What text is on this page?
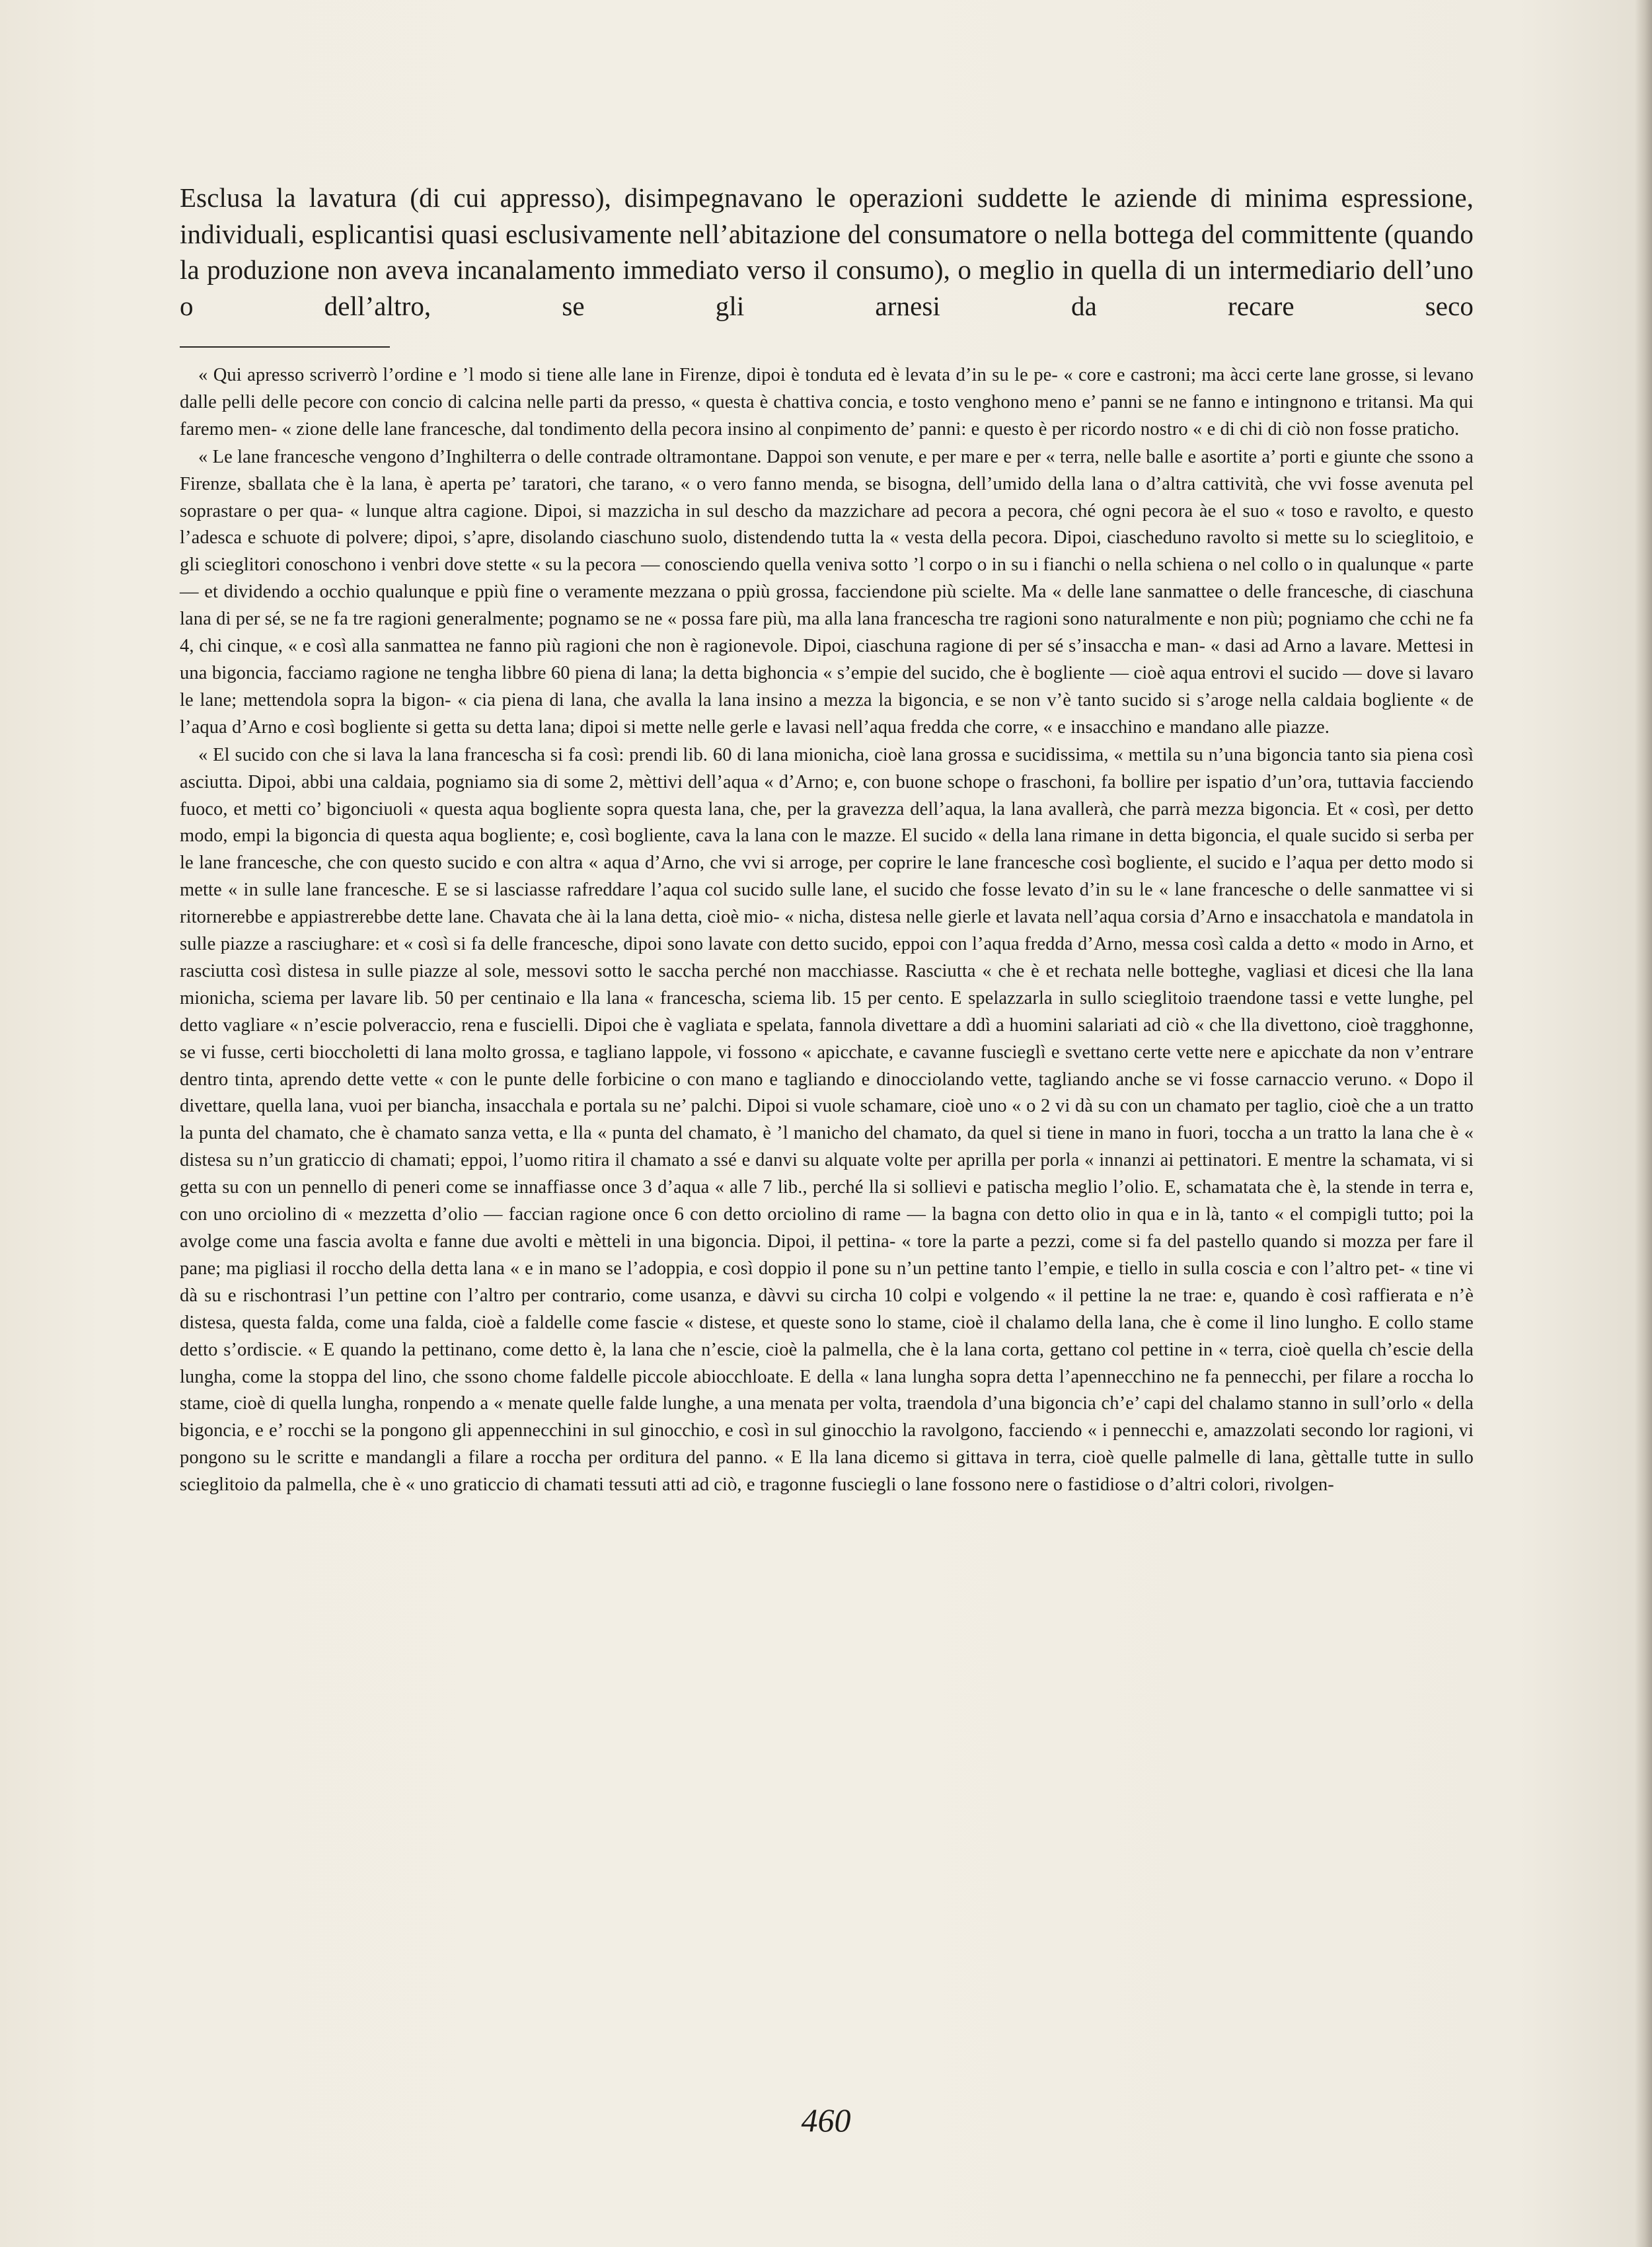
Esclusa la lavatura (di cui appresso), disimpegnavano le operazioni suddette le aziende di minima espressione, individuali, esplicantisi quasi esclusivamente nell’abitazione del consumatore o nella bottega del committente (quando la produzione non aveva incanalamento immediato verso il consumo), o meglio in quella di un intermediario dell’uno o dell’altro, se gli arnesi da recare seco

« Qui apresso scriverrò l’ordine e ’l modo si tiene alle lane in Firenze, dipoi è tonduta ed è levata d’in su le pe- « core e castroni; ma àcci certe lane grosse, si levano dalle pelli delle pecore con concio di calcina nelle parti da presso, « questa è chattiva concia, e tosto venghono meno e’ panni se ne fanno e intingnono e tritansi. Ma qui faremo men- « zione delle lane francesche, dal tondimento della pecora insino al conpimento de’ panni: e questo è per ricordo nostro « e di chi di ciò non fosse praticho.

« Le lane francesche vengono d’Inghilterra o delle contrade oltramontane. Dappoi son venute, e per mare e per « terra, nelle balle e asortite a’ porti e giunte che ssono a Firenze, sballata che è la lana, è aperta pe’ taratori, che tarano, « o vero fanno menda, se bisogna, dell’umido della lana o d’altra cattività, che vvi fosse avenuta pel soprastare o per qua- « lunque altra cagione. Dipoi, si mazzicha in sul descho da mazzichare ad pecora a pecora, ché ogni pecora àe el suo « toso e ravolto, e questo l’adesca e schuote di polvere; dipoi, s’apre, disolando ciaschuno suolo, distendendo tutta la « vesta della pecora. Dipoi, ciascheduno ravolto si mette su lo scieglitoio, e gli scieglitori conoschono i venbri dove stette « su la pecora — conosciendo quella veniva sotto ’l corpo o in su i fianchi o nella schiena o nel collo o in qualunque « parte — et dividendo a occhio qualunque e ppiù fine o veramente mezzana o ppiù grossa, facciendone più scielte. Ma « delle lane sanmattee o delle francesche, di ciaschuna lana di per sé, se ne fa tre ragioni generalmente; pognamo se ne « possa fare più, ma alla lana francescha tre ragioni sono naturalmente e non più; pogniamo che cchi ne fa 4, chi cinque, « e così alla sanmattea ne fanno più ragioni che non è ragionevole. Dipoi, ciaschuna ragione di per sé s’insaccha e man- « dasi ad Arno a lavare. Mettesi in una bigoncia, facciamo ragione ne tengha libbre 60 piena di lana; la detta bighoncia « s’empie del sucido, che è bogliente — cioè aqua entrovi el sucido — dove si lavaro le lane; mettendola sopra la bigon- « cia piena di lana, che avalla la lana insino a mezza la bigoncia, e se non v’è tanto sucido si s’aroge nella caldaia bogliente « de l’aqua d’Arno e così bogliente si getta su detta lana; dipoi si mette nelle gerle e lavasi nell’aqua fredda che corre, « e insacchino e mandano alle piazze.

« El sucido con che si lava la lana francescha si fa così: prendi lib. 60 di lana mionicha, cioè lana grossa e sucidissima, « mettila su n’una bigoncia tanto sia piena così asciutta. Dipoi, abbi una caldaia, pogniamo sia di some 2, mèttivi dell’aqua « d’Arno; e, con buone schope o fraschoni, fa bollire per ispatio d’un’ora, tuttavia facciendo fuoco, et metti co’ bigonciuoli « questa aqua bogliente sopra questa lana, che, per la gravezza dell’aqua, la lana avallerà, che parrà mezza bigoncia. Et « così, per detto modo, empi la bigoncia di questa aqua bogliente; e, così bogliente, cava la lana con le mazze. El sucido « della lana rimane in detta bigoncia, el quale sucido si serba per le lane francesche, che con questo sucido e con altra « aqua d’Arno, che vvi si arroge, per coprire le lane francesche così bogliente, el sucido e l’aqua per detto modo si mette « in sulle lane francesche. E se si lasciasse rafreddare l’aqua col sucido sulle lane, el sucido che fosse levato d’in su le « lane francesche o delle sanmattee vi si ritornerebbe e appiastrerebbe dette lane. Chavata che ài la lana detta, cioè mio- « nicha, distesa nelle gierle et lavata nell’aqua corsia d’Arno e insacchatola e mandatola in sulle piazze a rasciughare: et « così si fa delle francesche, dipoi sono lavate con detto sucido, eppoi con l’aqua fredda d’Arno, messa così calda a detto « modo in Arno, et rasciutta così distesa in sulle piazze al sole, messovi sotto le saccha perché non macchiasse. Rasciutta « che è et rechata nelle botteghe, vagliasi et dicesi che lla lana mionicha, sciema per lavare lib. 50 per centinaio e lla lana « francescha, sciema lib. 15 per cento. E spelazzarla in sullo scieglitoio traendone tassi e vette lunghe, pel detto vagliare « n’escie polveraccio, rena e fuscielli. Dipoi che è vagliata e spelata, fannola divettare a ddì a huomini salariati ad ciò « che lla divettono, cioè tragghonne, se vi fusse, certi bioccholetti di lana molto grossa, e tagliano lappole, vi fossono « apicchate, e cavanne fuscieglì e svettano certe vette nere e apicchate da non v’entrare dentro tinta, aprendo dette vette « con le punte delle forbicine o con mano e tagliando e dinocciolando vette, tagliando anche se vi fosse carnaccio veruno. « Dopo il divettare, quella lana, vuoi per biancha, insacchala e portala su ne’ palchi. Dipoi si vuole schamare, cioè uno « o 2 vi dà su con un chamato per taglio, cioè che a un tratto la punta del chamato, che è chamato sanza vetta, e lla « punta del chamato, è ’l manicho del chamato, da quel si tiene in mano in fuori, toccha a un tratto la lana che è « distesa su n’un graticcio di chamati; eppoi, l’uomo ritira il chamato a ssé e danvi su alquate volte per aprilla per porla « innanzi ai pettinatori. E mentre la schamata, vi si getta su con un pennello di peneri come se innaffiasse once 3 d’aqua « alle 7 lib., perché lla si sollievi e patischa meglio l’olio. E, schamatata che è, la stende in terra e, con uno orciolino di « mezzetta d’olio — faccian ragione once 6 con detto orciolino di rame — la bagna con detto olio in qua e in là, tanto « el compigli tutto; poi la avolge come una fascia avolta e fanne due avolti e mètteli in una bigoncia. Dipoi, il pettina- « tore la parte a pezzi, come si fa del pastello quando si mozza per fare il pane; ma pigliasi il roccho della detta lana « e in mano se l’adoppia, e così doppio il pone su n’un pettine tanto l’empie, e tiello in sulla coscia e con l’altro pet- « tine vi dà su e rischontrasi l’un pettine con l’altro per contrario, come usanza, e dàvvi su circha 10 colpi e volgendo « il pettine la ne trae: e, quando è così raffierata e n’è distesa, questa falda, come una falda, cioè a faldelle come fascie « distese, et queste sono lo stame, cioè il chalamo della lana, che è come il lino lungho. E collo stame detto s’ordiscie. « E quando la pettinano, come detto è, la lana che n’escie, cioè la palmella, che è la lana corta, gettano col pettine in « terra, cioè quella ch’escie della lungha, come la stoppa del lino, che ssono chome faldelle piccole abiocchloate. E della « lana lungha sopra detta l’apennecchino ne fa pennecchi, per filare a roccha lo stame, cioè di quella lungha, ronpendo a « menate quelle falde lunghe, a una menata per volta, traendola d’una bigoncia ch’e’ capi del chalamo stanno in sull’orlo « della bigoncia, e e’ rocchi se la pongono gli appennecchini in sul ginocchio, e così in sul ginocchio la ravolgono, facciendo « i pennecchi e, amazzolati secondo lor ragioni, vi pongono su le scritte e mandangli a filare a roccha per orditura del panno. « E lla lana dicemo si gittava in terra, cioè quelle palmelle di lana, gèttalle tutte in sullo scieglitoio da palmella, che è « uno graticcio di chamati tessuti atti ad ciò, e tragonne fusciegli o lane fossono nere o fastidiose o d’altri colori, rivolgen-

460
